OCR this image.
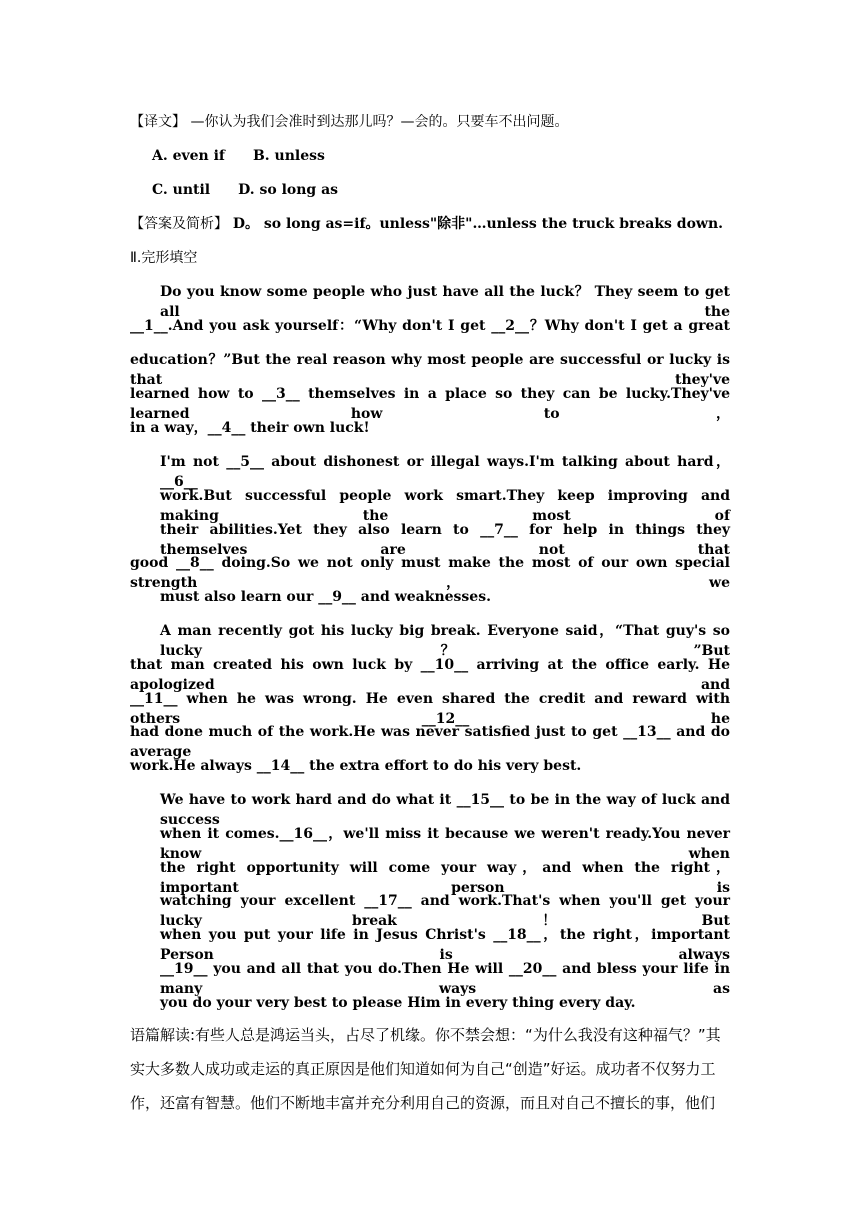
【译文】 —你认为我们会准时到达那儿吗？—会的。只要车不出问题。
A. even if B. unless
C. until D. so long as
【答案及简析】 D。 so long as=if。unless"除非"…unless the truck breaks down.
Ⅱ.完形填空
Do you know some people who just have all the luck？ They seem to get all the
__1__.And you ask yourself：“Why don't I get __2__？Why don't I get a great
education？”But the real reason why most people are successful or lucky is that they've
learned how to __3__ themselves in a place so they can be lucky.They've learned how to，
in a way，__4__ their own luck!
I'm not __5__ about dishonest or illegal ways.I'm talking about hard，__6__
work.But successful people work smart.They keep improving and making the most of
their abilities.Yet they also learn to __7__ for help in things they themselves are not that
good __8__ doing.So we not only must make the most of our own special strength，we
must also learn our __9__ and weaknesses.
A man recently got his lucky big break. Everyone said，“That guy's so lucky？”But
that man created his own luck by __10__ arriving at the office early. He apologized and
__11__ when he was wrong. He even shared the credit and reward with others __12__ he
had done much of the work.He was never satisfied just to get __13__ and do average
work.He always __14__ the extra effort to do his very best.
We have to work hard and do what it __15__ to be in the way of luck and success
when it comes.__16__，we'll miss it because we weren't ready.You never know when
the right opportunity will come your way，and when the right，important person is
watching your excellent __17__ and work.That's when you'll get your lucky break！But
when you put your life in Jesus Christ's __18__，the right，important Person is always
__19__ you and all that you do.Then He will __20__ and bless your life in many ways as
you do your very best to please Him in every thing every day.
语篇解读:有些人总是鸿运当头，占尽了机缘。你不禁会想：“为什么我没有这种福气？”其
实大多数人成功或走运的真正原因是他们知道如何为自己“创造”好运。成功者不仅努力工
作，还富有智慧。他们不断地丰富并充分利用自己的资源，而且对自己不擅长的事，他们
